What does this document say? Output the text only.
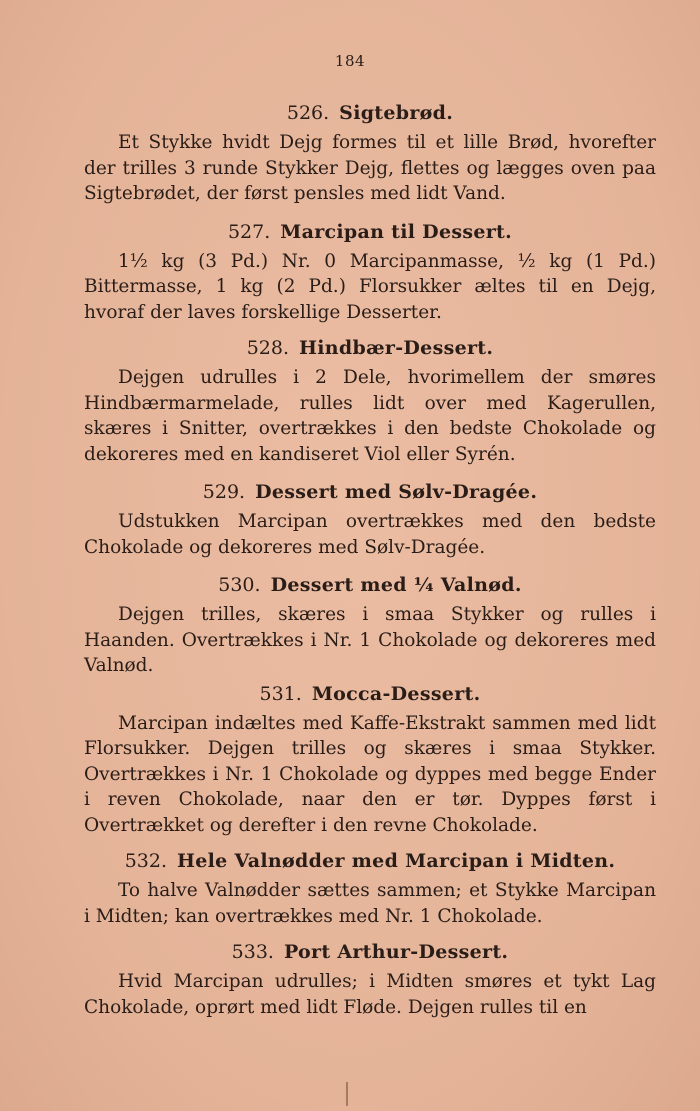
184
526. Sigtebrød.

Et Stykke hvidt Dejg formes til et lille Brød, hvorefter der trilles 3 runde Stykker Dejg, flettes og lægges oven paa Sigtebrødet, der først pensles med lidt Vand.

527. Marcipan til Dessert.

1½ kg (3 Pd.) Nr. 0 Marcipanmasse, ½ kg (1 Pd.) Bittermasse, 1 kg (2 Pd.) Florsukker æltes til en Dejg, hvoraf der laves forskellige Desserter.

528. Hindbær-Dessert.

Dejgen udrulles i 2 Dele, hvorimellem der smøres Hindbærmarmelade, rulles lidt over med Kagerullen, skæres i Snitter, overtrækkes i den bedste Chokolade og dekoreres med en kandiseret Viol eller Syrén.

529. Dessert med Sølv-Dragée.

Udstukken Marcipan overtrækkes med den bedste Chokolade og dekoreres med Sølv-Dragée.

530. Dessert med ¼ Valnød.

Dejgen trilles, skæres i smaa Stykker og rulles i Haanden. Overtrækkes i Nr. 1 Chokolade og dekoreres med Valnød.

531. Mocca-Dessert.

Marcipan indæltes med Kaffe-Ekstrakt sammen med lidt Florsukker. Dejgen trilles og skæres i smaa Stykker. Overtrækkes i Nr. 1 Chokolade og dyppes med begge Ender i reven Chokolade, naar den er tør. Dyppes først i Overtrækket og derefter i den revne Chokolade.

532. Hele Valnødder med Marcipan i Midten.

To halve Valnødder sættes sammen; et Stykke Marcipan i Midten; kan overtrækkes med Nr. 1 Chokolade.

533. Port Arthur-Dessert.

Hvid Marcipan udrulles; i Midten smøres et tykt Lag Chokolade, oprørt med lidt Fløde. Dejgen rulles til en
